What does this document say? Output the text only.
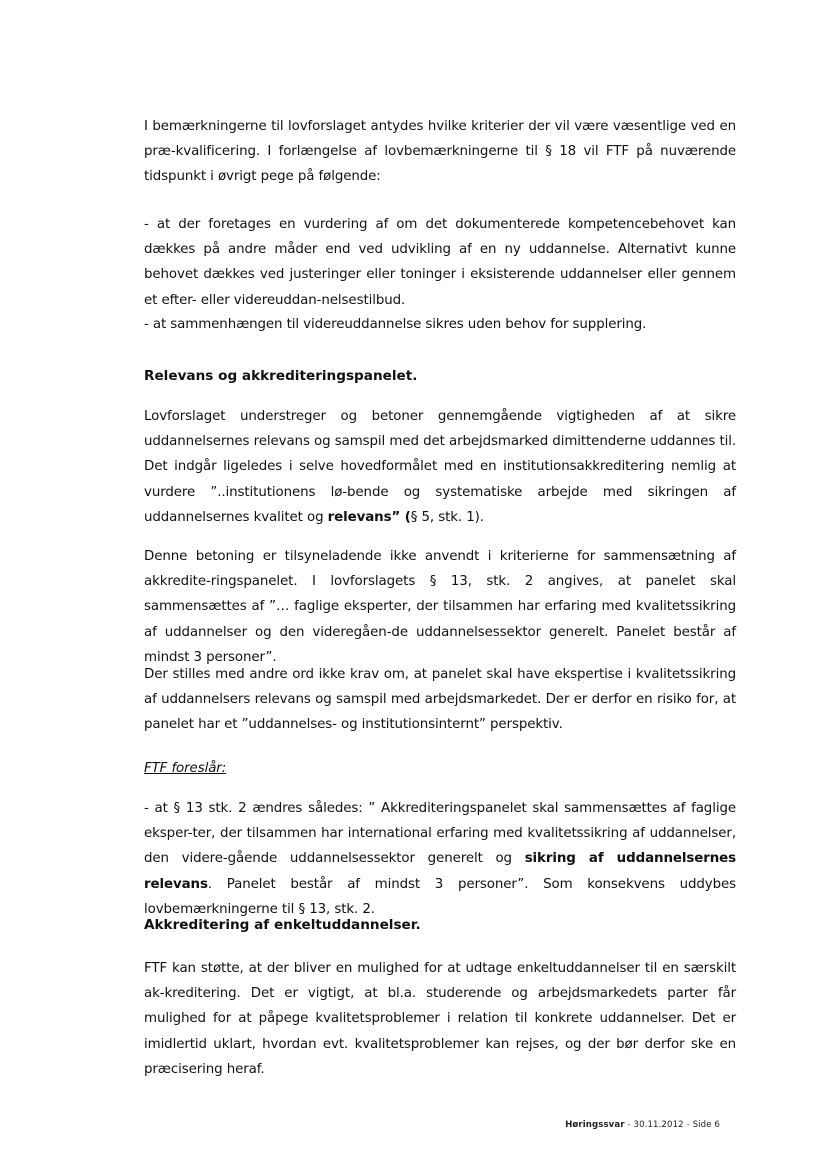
I bemærkningerne til lovforslaget antydes hvilke kriterier der vil være væsentlige ved en præ-kvalificering. I forlængelse af lovbemærkningerne til § 18 vil FTF på nuværende tidspunkt i øvrigt pege på følgende:

- at der foretages en vurdering af om det dokumenterede kompetencebehovet kan dækkes på andre måder end ved udvikling af en ny uddannelse. Alternativt kunne behovet dækkes ved justeringer eller toninger i eksisterende uddannelser eller gennem et efter- eller videreuddan-nelsestilbud.

- at sammenhængen til videreuddannelse sikres uden behov for supplering.

Relevans og akkrediteringspanelet.

Lovforslaget understreger og betoner gennemgående vigtigheden af at sikre uddannelsernes relevans og samspil med det arbejdsmarked dimittenderne uddannes til. Det indgår ligeledes i selve hovedformålet med en institutionsakkreditering nemlig at vurdere ”..institutionens lø-bende og systematiske arbejde med sikringen af uddannelsernes kvalitet og relevans” (§ 5, stk. 1).

Denne betoning er tilsyneladende ikke anvendt i kriterierne for sammensætning af akkredite-ringspanelet. I lovforslagets § 13, stk. 2 angives, at panelet skal sammensættes af ”… faglige eksperter, der tilsammen har erfaring med kvalitetssikring af uddannelser og den videregåen-de uddannelsessektor generelt. Panelet består af mindst 3 personer”.

Der stilles med andre ord ikke krav om, at panelet skal have ekspertise i kvalitetssikring af uddannelsers relevans og samspil med arbejdsmarkedet. Der er derfor en risiko for, at panelet har et ”uddannelses- og institutionsinternt” perspektiv.

FTF foreslår:

- at § 13 stk. 2 ændres således: ” Akkrediteringspanelet skal sammensættes af faglige eksper-ter, der tilsammen har international erfaring med kvalitetssikring af uddannelser, den videre-gående uddannelsessektor generelt og sikring af uddannelsernes relevans. Panelet består af mindst 3 personer”. Som konsekvens uddybes lovbemærkningerne til § 13, stk. 2.

Akkreditering af enkeltuddannelser.

FTF kan støtte, at der bliver en mulighed for at udtage enkeltuddannelser til en særskilt ak-kreditering. Det er vigtigt, at bl.a. studerende og arbejdsmarkedets parter får mulighed for at påpege kvalitetsproblemer i relation til konkrete uddannelser. Det er imidlertid uklart, hvordan evt. kvalitetsproblemer kan rejses, og der bør derfor ske en præcisering heraf.

Høringssvar - 30.11.2012 - Side 6
